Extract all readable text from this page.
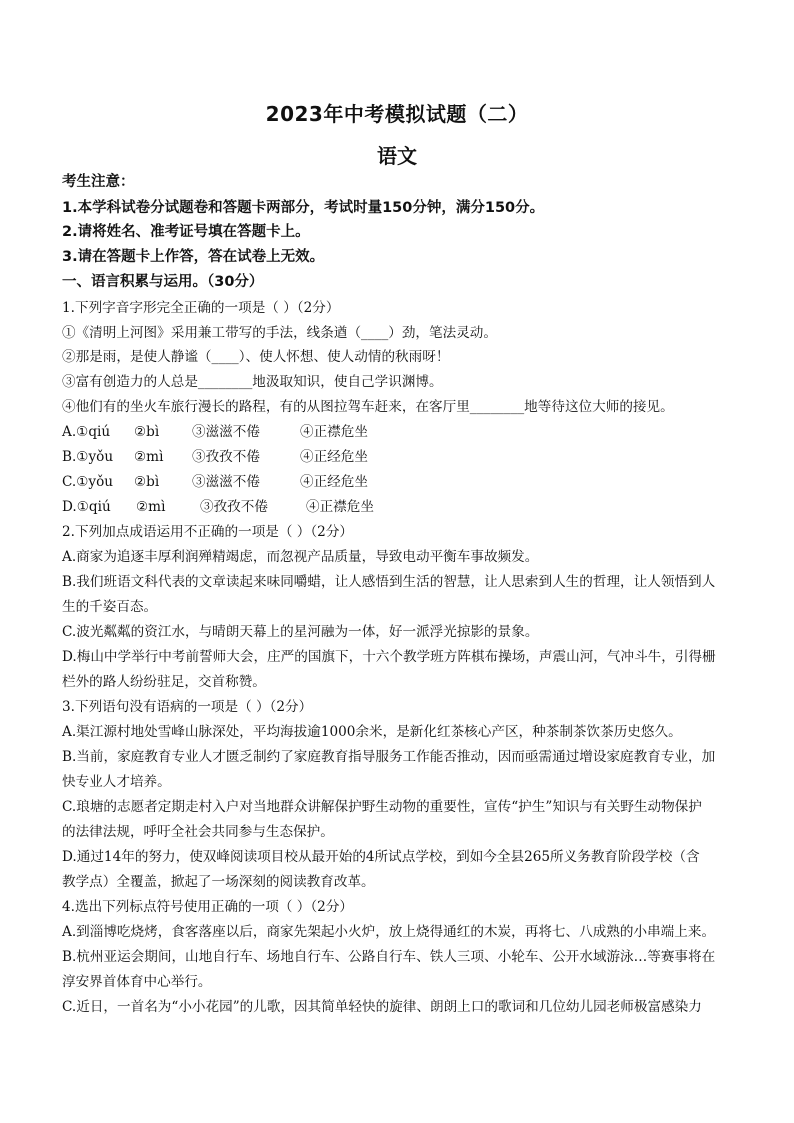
2023年中考模拟试题（二）
语文
考生注意：
1.本学科试卷分试题卷和答题卡两部分，考试时量150分钟，满分150分。
2.请将姓名、准考证号填在答题卡上。
3.请在答题卡上作答，答在试卷上无效。
一、语言积累与运用。（30分）
1.下列字音字形完全正确的一项是（ ）（2分）
①《清明上河图》采用兼工带写的手法，线条遒（____）劲，笔法灵动。
②那是雨，是使人静谧（____）、使人怀想、使人动情的秋雨呀！
③富有创造力的人总是________地汲取知识，使自己学识渊博。
④他们有的坐火车旅行漫长的路程，有的从图拉驾车赶来，在客厅里________地等待这位大师的接见。
A.①qiú ②bì ③滋滋不倦	④正襟危坐
B.①yǒu ②mì ③孜孜不倦	④正经危坐
C.①yǒu ②bì ③滋滋不倦	④正经危坐
D.①qiú ②mì	③孜孜不倦	④正襟危坐
2.下列加点成语运用不正确的一项是（ ）（2分）
A.商家为追逐丰厚利润殚精竭虑，而忽视产品质量，导致电动平衡车事故频发。
B.我们班语文科代表的文章读起来味同嚼蜡，让人感悟到生活的智慧，让人思索到人生的哲理，让人领悟到人
生的千姿百态。
C.波光粼粼的资江水，与晴朗天幕上的星河融为一体，好一派浮光掠影的景象。
D.梅山中学举行中考前誓师大会，庄严的国旗下，十六个教学班方阵棋布操场，声震山河，气冲斗牛，引得栅
栏外的路人纷纷驻足，交首称赞。
3.下列语句没有语病的一项是（ ）（2分）
A.渠江源村地处雪峰山脉深处，平均海拔逾1000余米，是新化红茶核心产区，种茶制茶饮茶历史悠久。
B.当前，家庭教育专业人才匮乏制约了家庭教育指导服务工作能否推动，因而亟需通过增设家庭教育专业，加
快专业人才培养。
C.琅塘的志愿者定期走村入户对当地群众讲解保护野生动物的重要性，宣传“护生”知识与有关野生动物保护
的法律法规，呼吁全社会共同参与生态保护。
D.通过14年的努力，使双峰阅读项目校从最开始的4所试点学校，到如今全县265所义务教育阶段学校（含
教学点）全覆盖，掀起了一场深刻的阅读教育改革。
4.选出下列标点符号使用正确的一项（ ）（2分）
A.到淄博吃烧烤，食客落座以后，商家先架起小火炉，放上烧得通红的木炭，再将七、八成熟的小串端上来。
B.杭州亚运会期间，山地自行车、场地自行车、公路自行车、铁人三项、小轮车、公开水域游泳…等赛事将在
淳安界首体育中心举行。
C.近日，一首名为“小小花园”的儿歌，因其简单轻快的旋律、朗朗上口的歌词和几位幼儿园老师极富感染力
